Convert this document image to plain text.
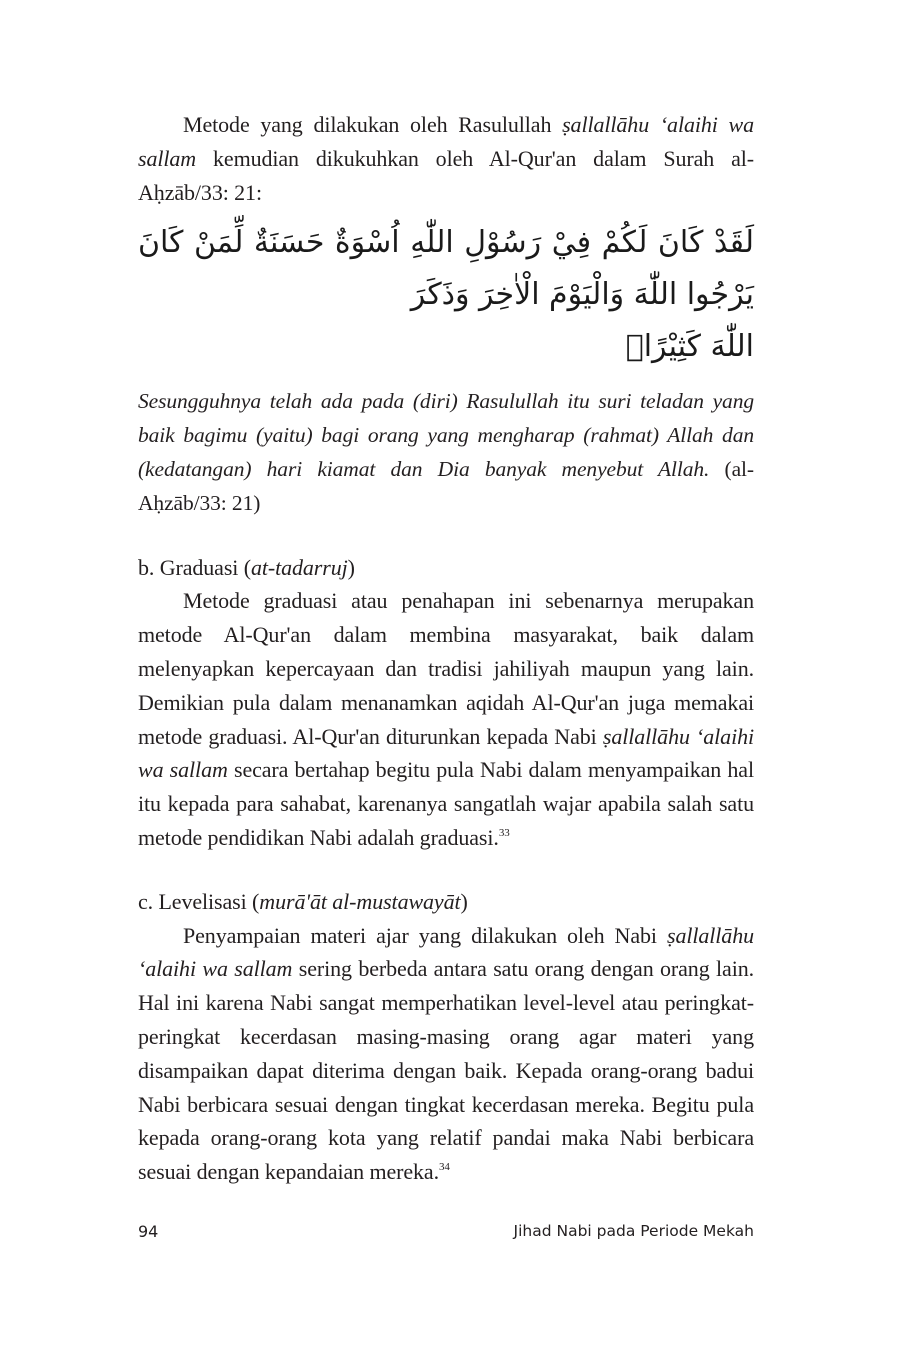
Metode yang dilakukan oleh Rasulullah ṣallallāhu ‘alaihi wa sallam kemudian dikukuhkan oleh Al-Qur'an dalam Surah al-Aḥzāb/33: 21:

لَقَدْ كَانَ لَكُمْ فِيْ رَسُوْلِ اللّٰهِ اُسْوَةٌ حَسَنَةٌ لِّمَنْ كَانَ يَرْجُوا اللّٰهَ وَالْيَوْمَ الْاٰخِرَ وَذَكَرَ
اللّٰهَ كَثِيْرًاۗ

Sesungguhnya telah ada pada (diri) Rasulullah itu suri teladan yang baik bagimu (yaitu) bagi orang yang mengharap (rahmat) Allah dan (kedatangan) hari kiamat dan Dia banyak menyebut Allah. (al-Aḥzāb/33: 21)

b. Graduasi (at-tadarruj)

Metode graduasi atau penahapan ini sebenarnya merupakan metode Al-Qur'an dalam membina masyarakat, baik dalam melenyapkan kepercayaan dan tradisi jahiliyah maupun yang lain. Demikian pula dalam menanamkan aqidah Al-Qur'an juga memakai metode graduasi. Al-Qur'an diturunkan kepada Nabi ṣallallāhu ‘alaihi wa sallam secara bertahap begitu pula Nabi dalam menyampaikan hal itu kepada para sahabat, karenanya sangatlah wajar apabila salah satu metode pendidikan Nabi adalah graduasi.$^{33}$

c. Levelisasi (murā'āt al-mustawayāt)

Penyampaian materi ajar yang dilakukan oleh Nabi ṣallallāhu ‘alaihi wa sallam sering berbeda antara satu orang dengan orang lain. Hal ini karena Nabi sangat memperhatikan level-level atau peringkat-peringkat kecerdasan masing-masing orang agar materi yang disampaikan dapat diterima dengan baik. Kepada orang-orang badui Nabi berbicara sesuai dengan tingkat kecerdasan mereka. Begitu pula kepada orang-orang kota yang relatif pandai maka Nabi berbicara sesuai dengan kepandaian mereka.$^{34}$

94	Jihad Nabi pada Periode Mekah
